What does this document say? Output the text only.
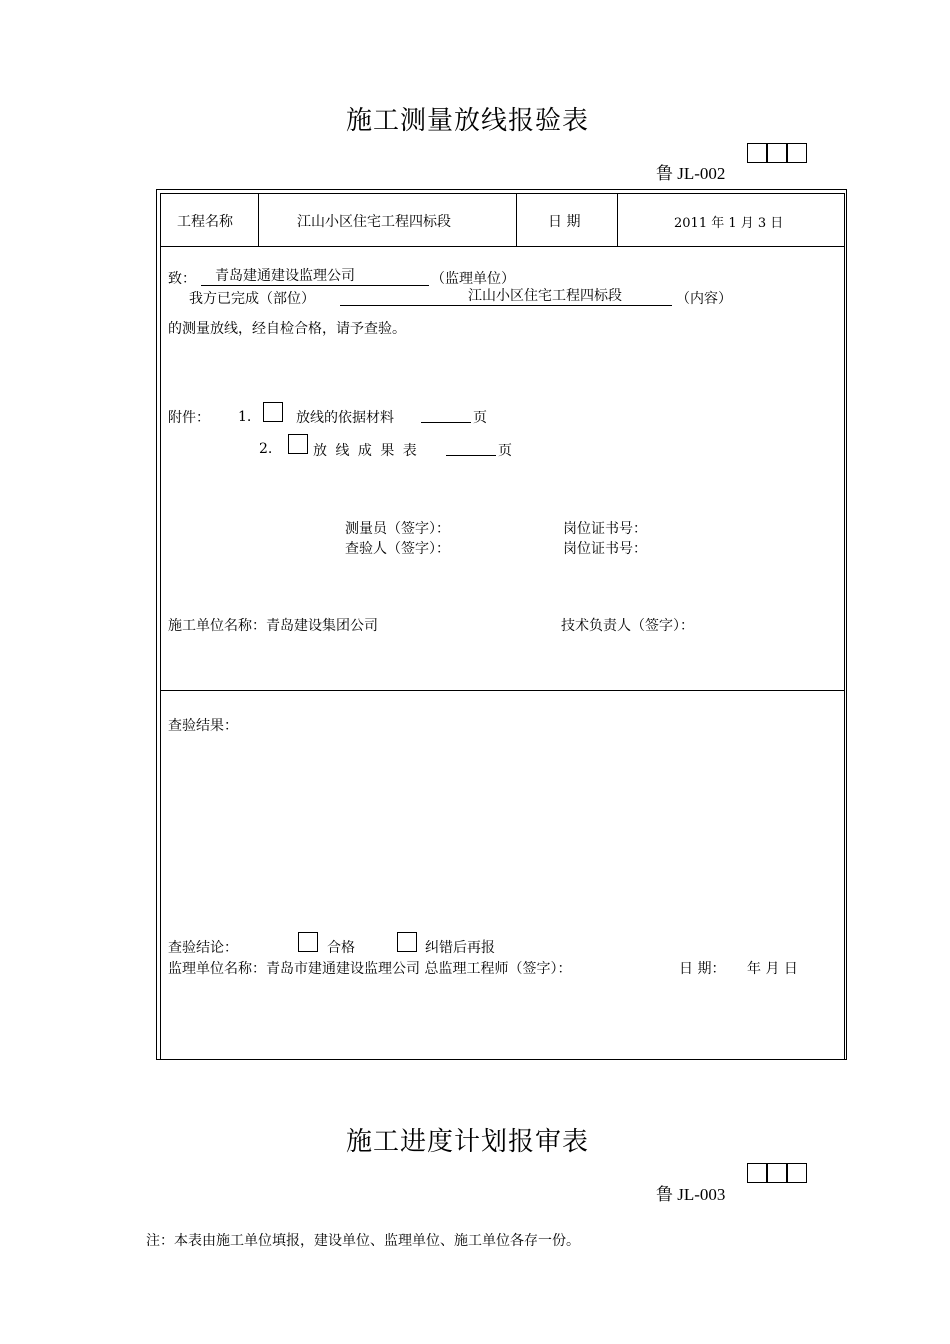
施工测量放线报验表
鲁 JL-002
工程名称	江山小区住宅工程四标段	日 期	2011 年 1 月 3 日
致：	青岛建通建设监理公司	（监理单位）
我方已完成（部位）	江山小区住宅工程四标段	（内容）
的测量放线，经自检合格，请予查验。
附件： 1.	放线的依据材料	页
2.	放 线 成 果 表	页
测量员（签字）：	岗位证书号：
查验人（签字）：	岗位证书号：
施工单位名称：青岛建设集团公司	技术负责人（签字）：
查验结果：
查验结论：	合格	纠错后再报
监理单位名称：青岛市建通建设监理公司 总监理工程师（签字）：	日 期： 年 月 日
施工进度计划报审表
鲁 JL-003
注：本表由施工单位填报，建设单位、监理单位、施工单位各存一份。
